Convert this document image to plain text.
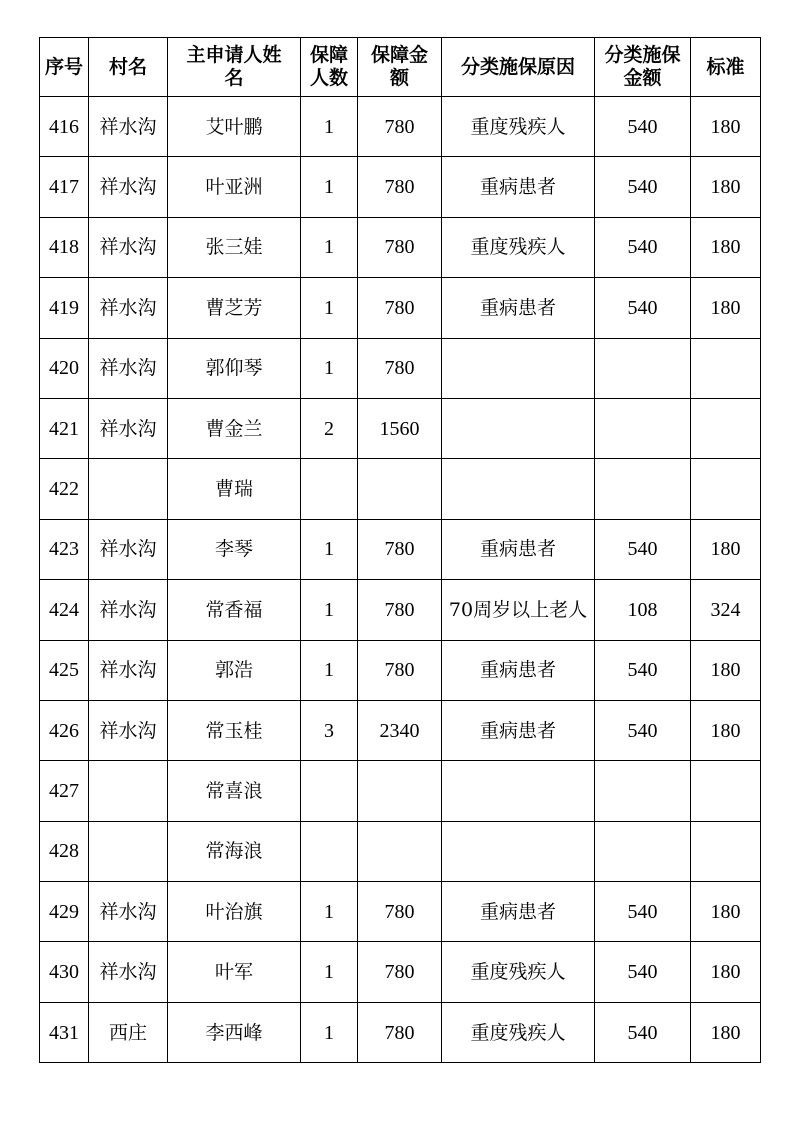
序号	村名	主申请人姓名	保障人数	保障金额	分类施保原因	分类施保金额	标准
416	祥水沟	艾叶鹏	1	780	重度残疾人	540	180
417	祥水沟	叶亚洲	1	780	重病患者	540	180
418	祥水沟	张三娃	1	780	重度残疾人	540	180
419	祥水沟	曹芝芳	1	780	重病患者	540	180
420	祥水沟	郭仰琴	1	780			
421	祥水沟	曹金兰	2	1560			
422		曹瑞					
423	祥水沟	李琴	1	780	重病患者	540	180
424	祥水沟	常香福	1	780	70周岁以上老人	108	324
425	祥水沟	郭浩	1	780	重病患者	540	180
426	祥水沟	常玉桂	3	2340	重病患者	540	180
427		常喜浪					
428		常海浪					
429	祥水沟	叶治旗	1	780	重病患者	540	180
430	祥水沟	叶军	1	780	重度残疾人	540	180
431	西庄	李西峰	1	780	重度残疾人	540	180
